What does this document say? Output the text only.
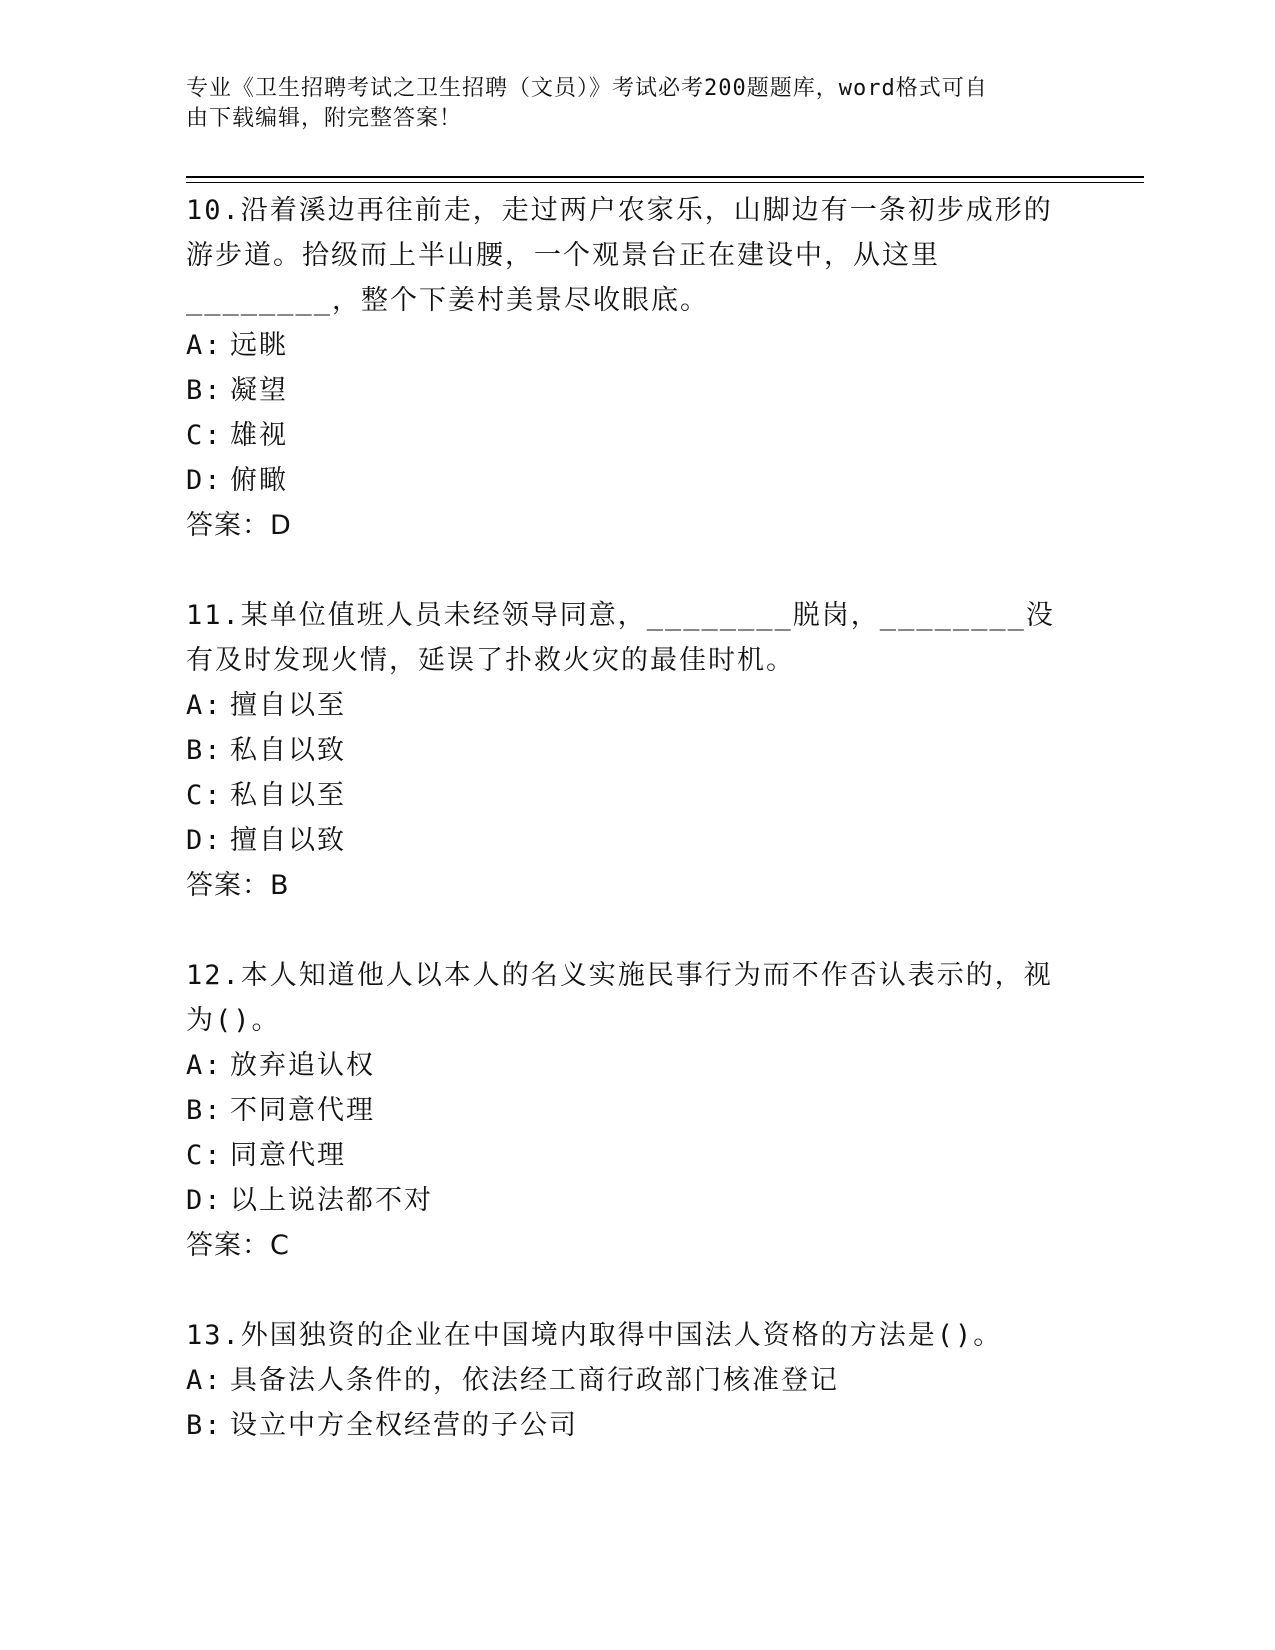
专业《卫生招聘考试之卫生招聘（文员）》考试必考200题题库，word格式可自
由下载编辑，附完整答案！

10.沿着溪边再往前走，走过两户农家乐，山脚边有一条初步成形的游步道。拾级而上半山腰，一个观景台正在建设中，从这里________，整个下姜村美景尽收眼底。

A: 远眺

B: 凝望

C: 雄视

D: 俯瞰

答案：D

11.某单位值班人员未经领导同意，________脱岗，________没有及时发现火情，延误了扑救火灾的最佳时机。

A: 擅自以至

B: 私自以致

C: 私自以至

D: 擅自以致

答案：B

12.本人知道他人以本人的名义实施民事行为而不作否认表示的，视为()。

A: 放弃追认权

B: 不同意代理

C: 同意代理

D: 以上说法都不对

答案：C

13.外国独资的企业在中国境内取得中国法人资格的方法是()。

A: 具备法人条件的，依法经工商行政部门核准登记

B: 设立中方全权经营的子公司
